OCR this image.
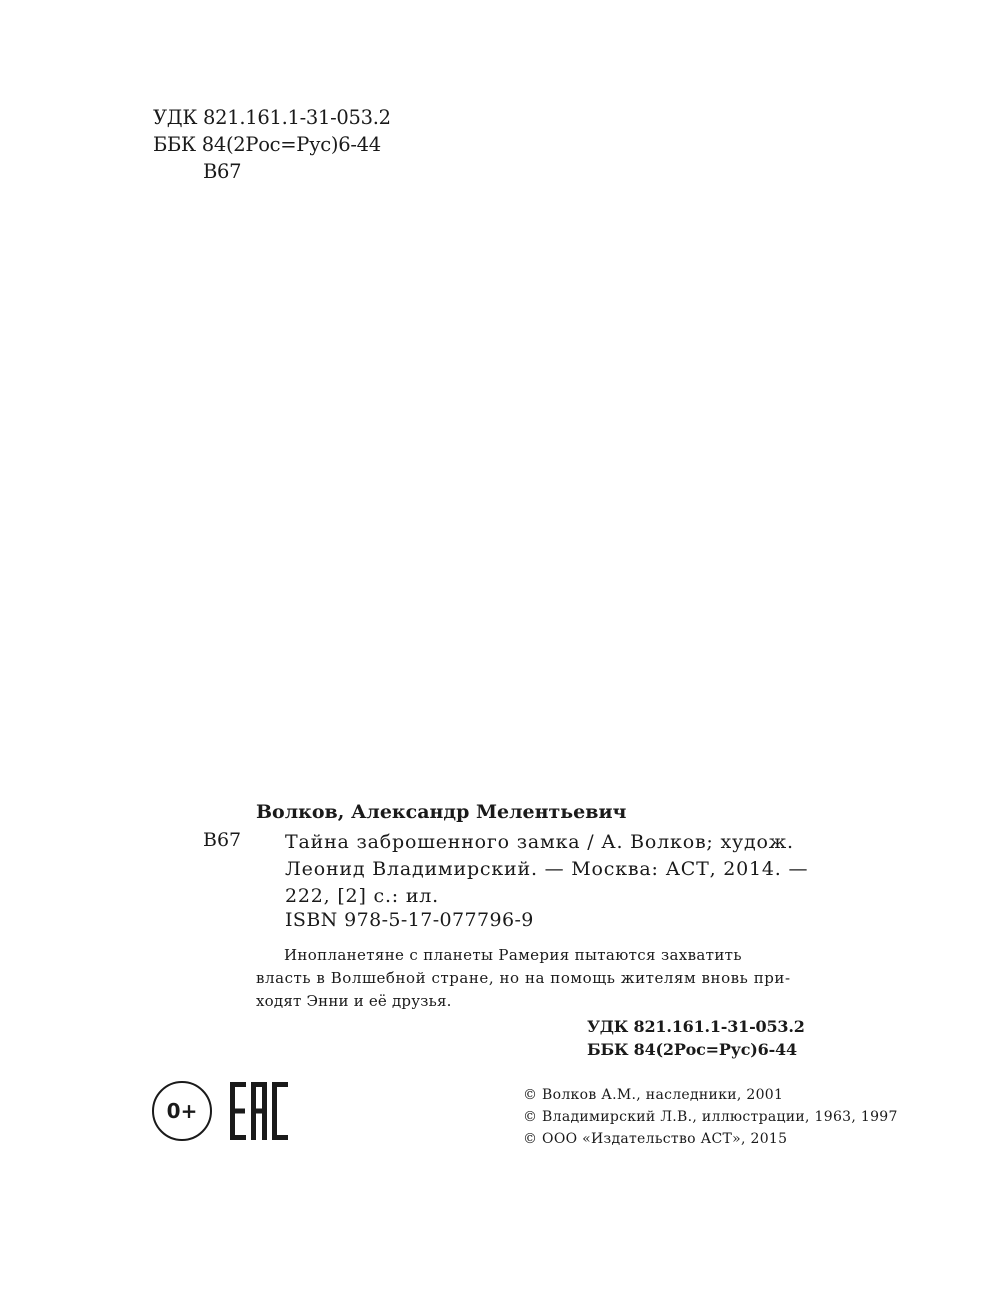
УДК 821.161.1-31-053.2
ББК 84(2Рос=Рус)6-44
В67
Волков, Александр Мелентьевич
В67 Тайна заброшенного замка / А. Волков; худож.
Леонид Владимирский. — Москва: АСТ, 2014. —
222, [2] с.: ил.
ISBN 978-5-17-077796-9
Инопланетяне с планеты Рамерия пытаются захватить
власть в Волшебной стране, но на помощь жителям вновь при-
ходят Энни и её друзья.
УДК 821.161.1-31-053.2
ББК 84(2Рос=Рус)6-44
0+
© Волков А.М., наследники, 2001
© Владимирский Л.В., иллюстрации, 1963, 1997
© ООО «Издательство АСТ», 2015
